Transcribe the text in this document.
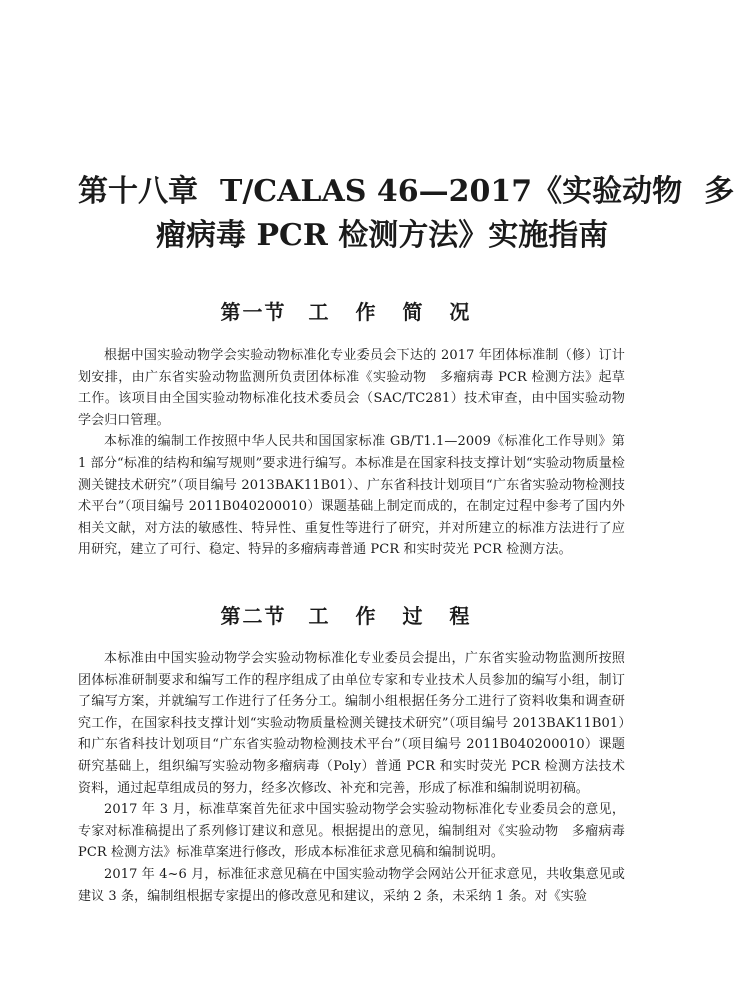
第十八章 T/CALAS 46—2017《实验动物 多
瘤病毒 PCR 检测方法》实施指南
第一节　 工 作 简 况

根据中国实验动物学会实验动物标准化专业委员会下达的 2017 年团体标准制（修）订计划安排，由广东省实验动物监测所负责团体标准《实验动物　多瘤病毒 PCR 检测方法》起草工作。该项目由全国实验动物标准化技术委员会（SAC/TC281）技术审查，由中国实验动物学会归口管理。

本标准的编制工作按照中华人民共和国国家标准 GB/T1.1—2009《标准化工作导则》第 1 部分“标准的结构和编写规则”要求进行编写。本标准是在国家科技支撑计划“实验动物质量检测关键技术研究”（项目编号 2013BAK11B01）、广东省科技计划项目“广东省实验动物检测技术平台”（项目编号 2011B040200010）课题基础上制定而成的，在制定过程中参考了国内外相关文献，对方法的敏感性、特异性、重复性等进行了研究，并对所建立的标准方法进行了应用研究，建立了可行、稳定、特异的多瘤病毒普通 PCR 和实时荧光 PCR 检测方法。

第二节　 工 作 过 程

本标准由中国实验动物学会实验动物标准化专业委员会提出，广东省实验动物监测所按照团体标准研制要求和编写工作的程序组成了由单位专家和专业技术人员参加的编写小组，制订了编写方案，并就编写工作进行了任务分工。编制小组根据任务分工进行了资料收集和调查研究工作，在国家科技支撑计划“实验动物质量检测关键技术研究”（项目编号 2013BAK11B01）和广东省科技计划项目“广东省实验动物检测技术平台”（项目编号 2011B040200010）课题研究基础上，组织编写实验动物多瘤病毒（Poly）普通 PCR 和实时荧光 PCR 检测方法技术资料，通过起草组成员的努力，经多次修改、补充和完善，形成了标准和编制说明初稿。

2017 年 3 月，标准草案首先征求中国实验动物学会实验动物标准化专业委员会的意见，专家对标准稿提出了系列修订建议和意见。根据提出的意见，编制组对《实验动物　多瘤病毒 PCR 检测方法》标准草案进行修改，形成本标准征求意见稿和编制说明。

2017 年 4~6 月，标准征求意见稿在中国实验动物学会网站公开征求意见，共收集意见或建议 3 条，编制组根据专家提出的修改意见和建议，采纳 2 条，未采纳 1 条。对《实验
